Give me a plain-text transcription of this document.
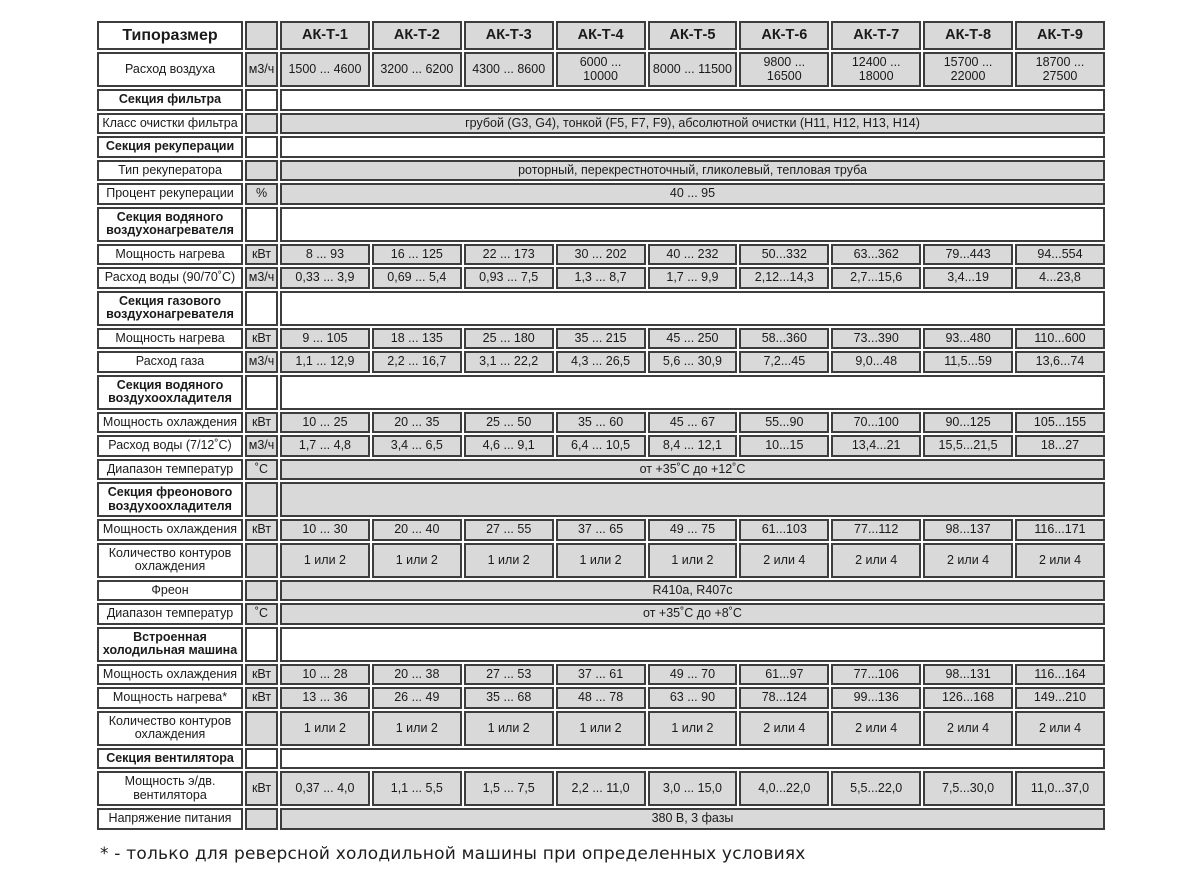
Типоразмер		АК-Т-1	АК-Т-2	АК-Т-3	АК-Т-4	АК-Т-5	АК-Т-6	АК-Т-7	АК-Т-8	АК-Т-9
Расход воздуха	м3/ч	1500 ... 4600	3200 ... 6200	4300 ... 8600	6000 ... 10000	8000 ... 11500	9800 ... 16500	12400 ... 18000	15700 ... 22000	18700 ... 27500
Секция фильтра										
Класс очистки фильтра		грубой (G3, G4), тонкой (F5, F7, F9), абсолютной очистки (H11, H12, H13, H14)								
Секция рекуперации										
Тип рекуператора		роторный, перекрестноточный, гликолевый, тепловая труба								
Процент рекуперации	%	40 ... 95								
Секция водяного воздухонагревателя										
Мощность нагрева	кВт	8 ... 93	16 ... 125	22 ... 173	30 ... 202	40 ... 232	50...332	63...362	79...443	94...554
Расход воды (90/70˚С)	м3/ч	0,33 ... 3,9	0,69 ... 5,4	0,93 ... 7,5	1,3 ... 8,7	1,7 ... 9,9	2,12...14,3	2,7...15,6	3,4...19	4...23,8
Секция газового воздухонагревателя										
Мощность нагрева	кВт	9 ... 105	18 ... 135	25 ... 180	35 ... 215	45 ... 250	58...360	73...390	93...480	110...600
Расход газа	м3/ч	1,1 ... 12,9	2,2 ... 16,7	3,1 ... 22,2	4,3 ... 26,5	5,6 ... 30,9	7,2...45	9,0...48	11,5...59	13,6...74
Секция водяного воздухоохладителя										
Мощность охлаждения	кВт	10 ... 25	20 ... 35	25 ... 50	35 ... 60	45 ... 67	55...90	70...100	90...125	105...155
Расход воды (7/12˚С)	м3/ч	1,7 ... 4,8	3,4 ... 6,5	4,6 ... 9,1	6,4 ... 10,5	8,4 ... 12,1	10...15	13,4...21	15,5...21,5	18...27
Диапазон температур	˚С	от +35˚С до +12˚С								
Секция фреонового воздухоохладителя										
Мощность охлаждения	кВт	10 ... 30	20 ... 40	27 ... 55	37 ... 65	49 ... 75	61...103	77...112	98...137	116...171
Количество контуров охлаждения		1 или 2	1 или 2	1 или 2	1 или 2	1 или 2	2 или 4	2 или 4	2 или 4	2 или 4
Фреон		R410a, R407c								
Диапазон температур	˚С	от +35˚С до +8˚С								
Встроенная холодильная машина										
Мощность охлаждения	кВт	10 ... 28	20 ... 38	27 ... 53	37 ... 61	49 ... 70	61...97	77...106	98...131	116...164
Мощность нагрева*	кВт	13 ... 36	26 ... 49	35 ... 68	48 ... 78	63 ... 90	78...124	99...136	126...168	149...210
Количество контуров охлаждения		1 или 2	1 или 2	1 или 2	1 или 2	1 или 2	2 или 4	2 или 4	2 или 4	2 или 4
Секция вентилятора										
Мощность э/дв. вентилятора	кВт	0,37 ... 4,0	1,1 ... 5,5	1,5 ... 7,5	2,2 ... 11,0	3,0 ... 15,0	4,0...22,0	5,5...22,0	7,5...30,0	11,0...37,0
Напряжение питания		380 В, 3 фазы								
* - только для реверсной холодильной машины при определенных условиях
